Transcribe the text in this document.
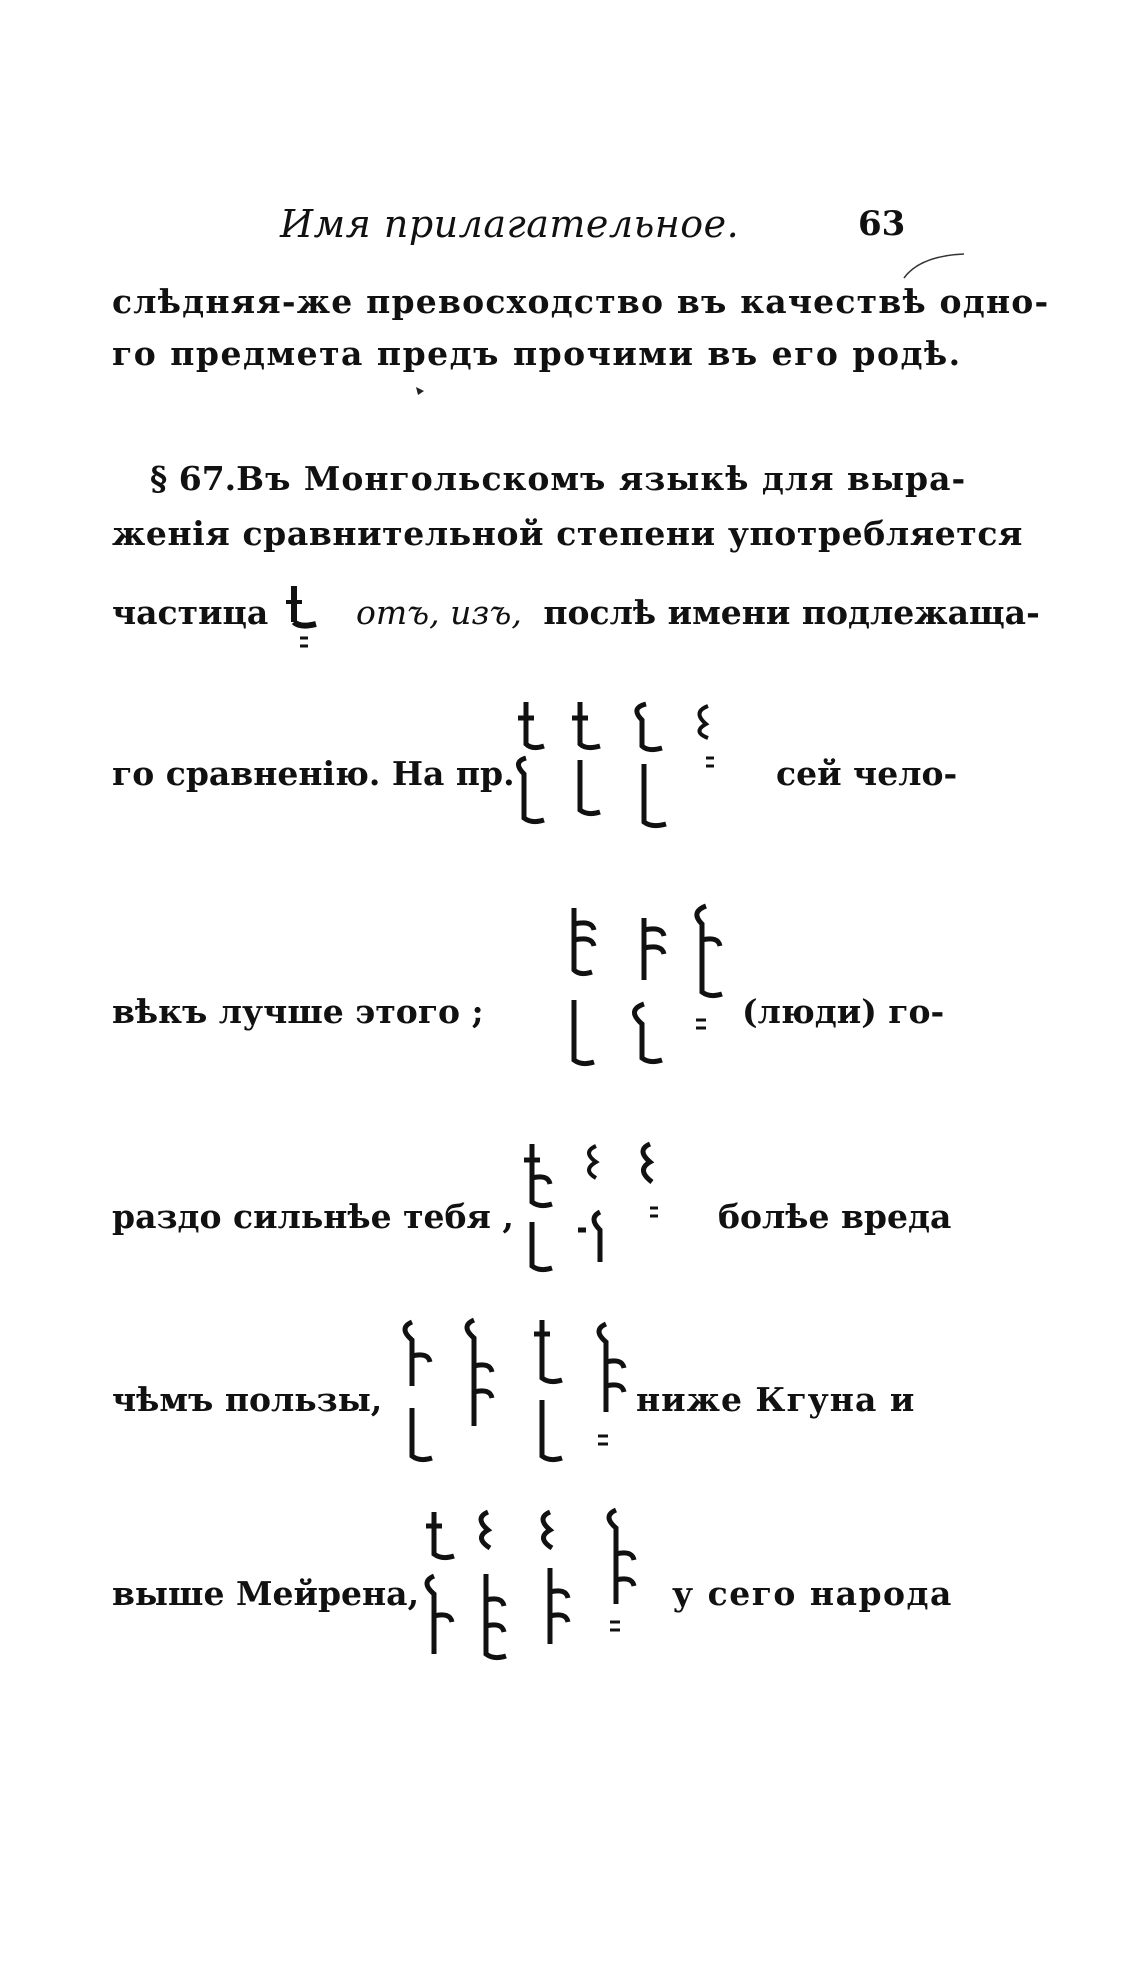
Имя прилагательное.	63
слѣдняя-же превосходство въ качествѣ одно-
го предмета предъ прочими въ его родѣ.
§ 67. Въ Монгольскомъ языкѣ для выра-
женія сравнительной степени употребляется
частица	отъ, изъ, послѣ имени подлежаща-
го сравненію. На пр.	сей чело-
вѣкъ лучше этого ;	(люди) го-
раздо сильнѣе тебя ,	болѣе вреда
чѣмъ пользы,	ниже Кгуна и
выше Мейрена,	у сего народа
